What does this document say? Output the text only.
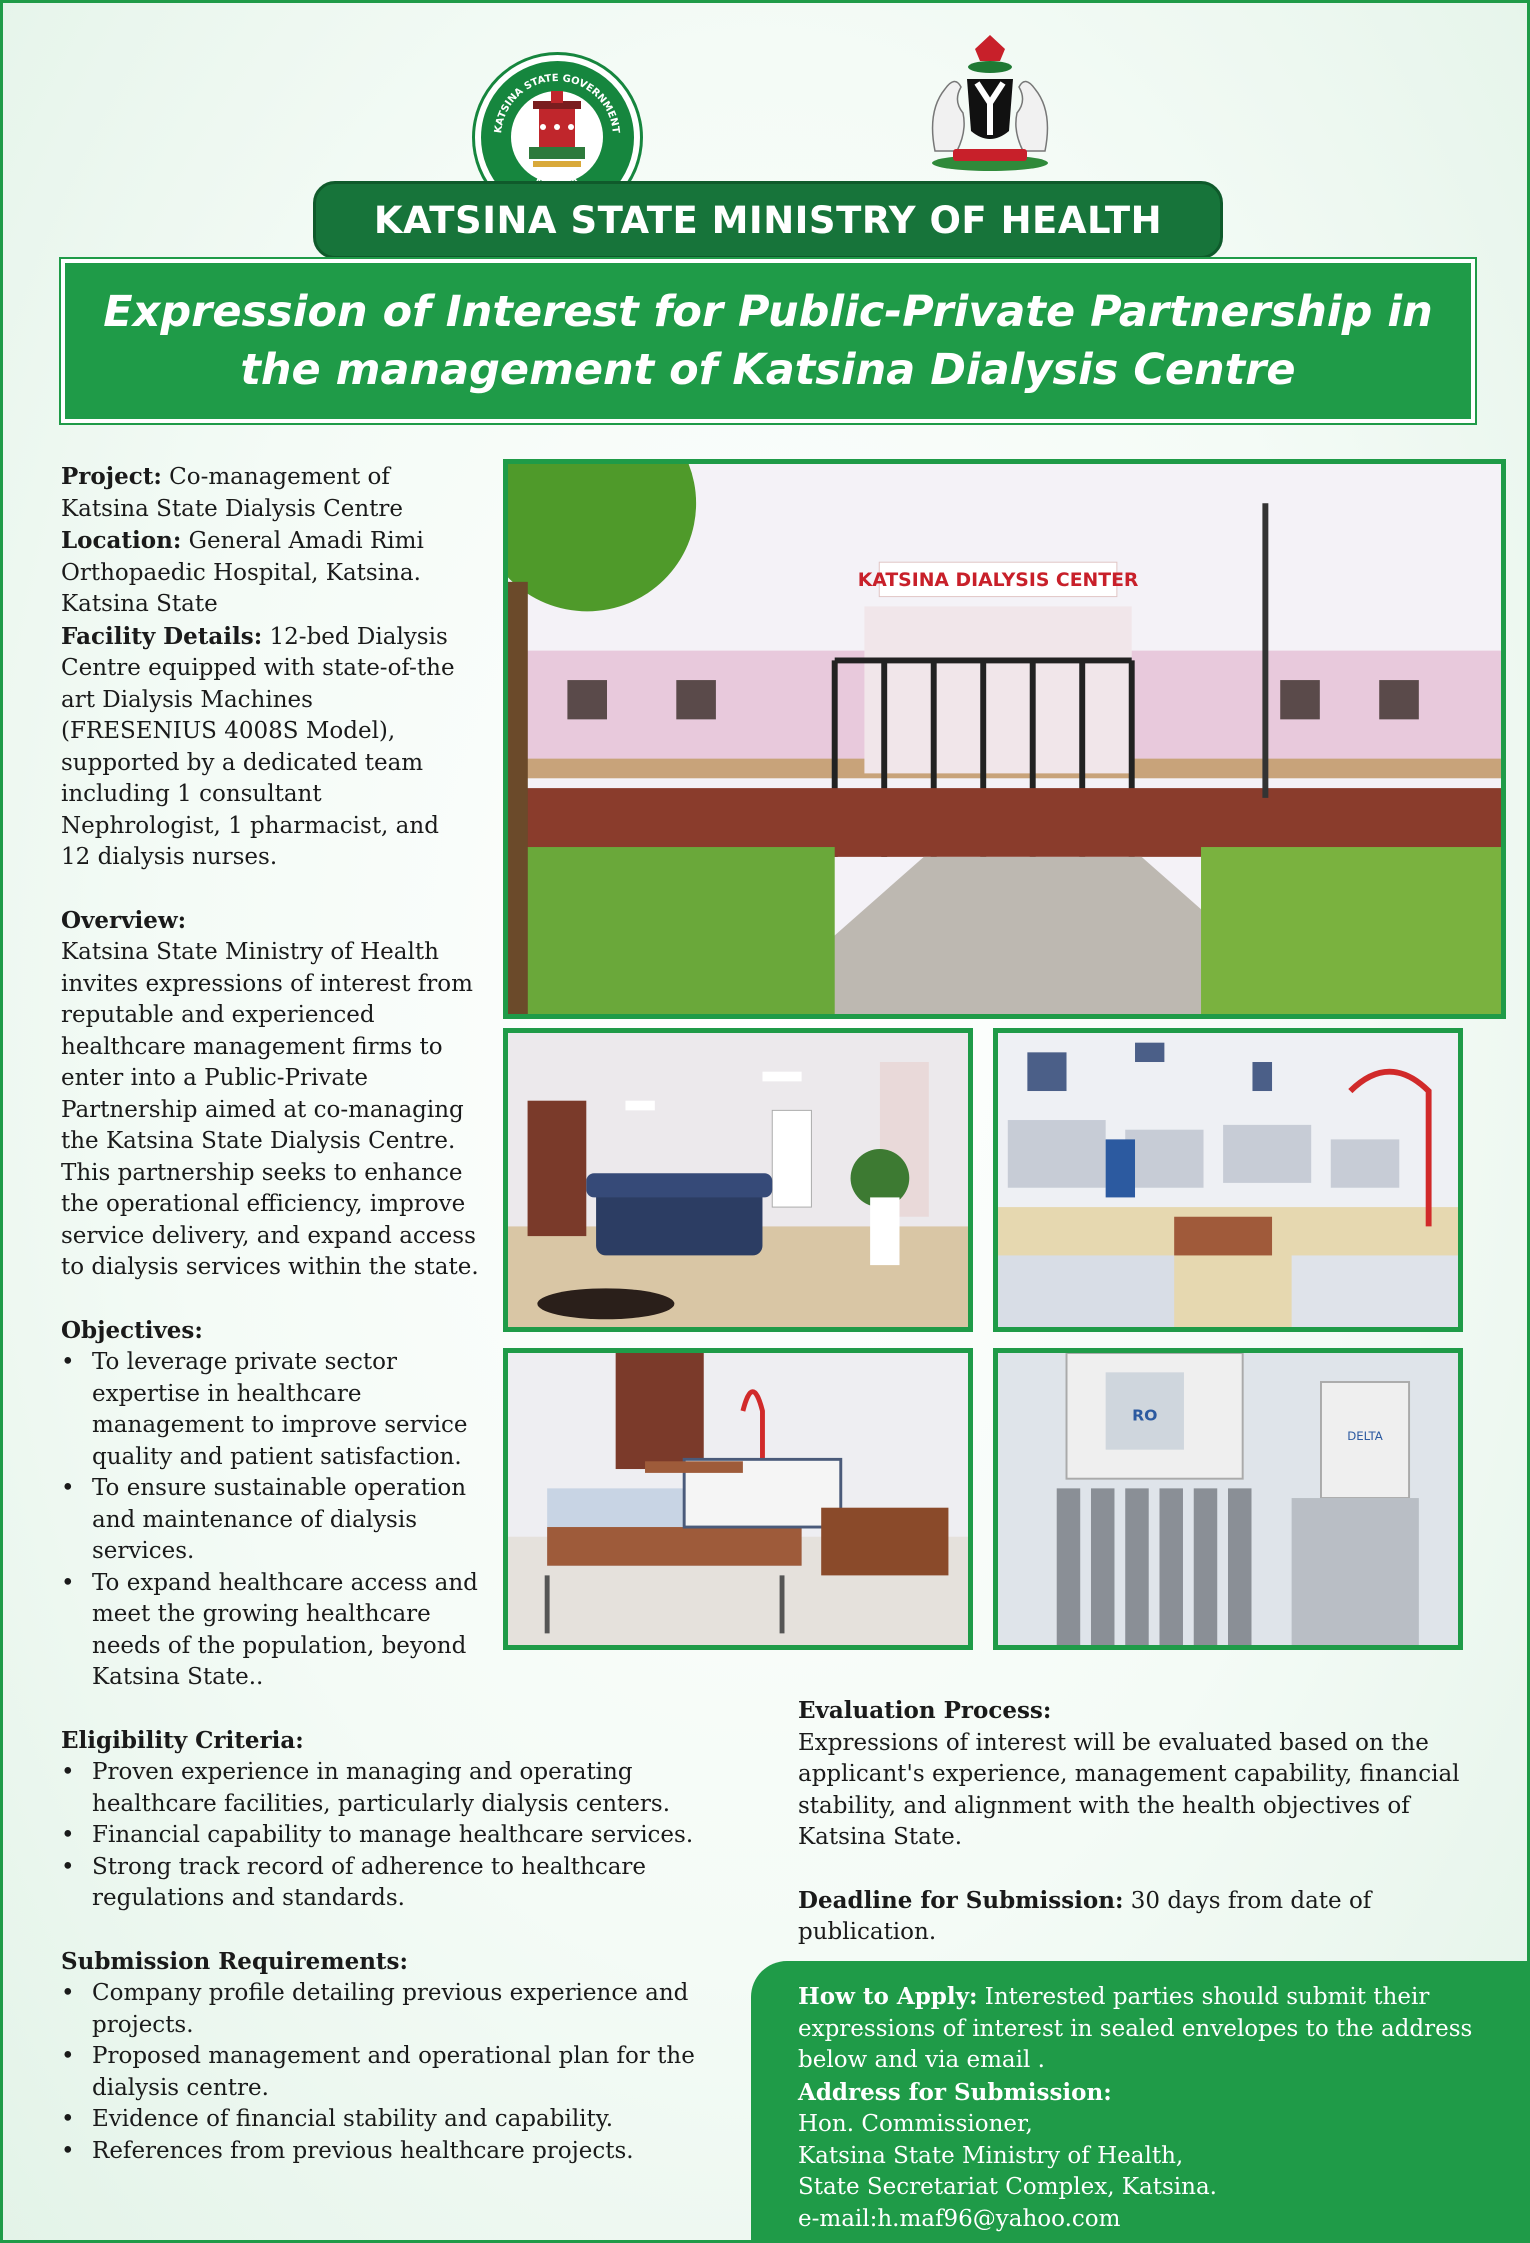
KATSINA STATE GOVERNMENT
KATSINA STATE MINISTRY OF HEALTH
Expression of Interest for Public-Private Partnership in
the management of Katsina Dialysis Centre
Project: Co-management of Katsina State Dialysis Centre
Location: General Amadi Rimi Orthopaedic Hospital, Katsina. Katsina State
Facility Details: 12-bed Dialysis Centre equipped with state-of-the art Dialysis Machines (FRESENIUS 4008S Model), supported by a dedicated team including 1 consultant Nephrologist, 1 pharmacist, and 12 dialysis nurses.
Overview:
Katsina State Ministry of Health invites expressions of interest from reputable and experienced healthcare management firms to enter into a Public-Private Partnership aimed at co-managing the Katsina State Dialysis Centre. This partnership seeks to enhance the operational efficiency, improve service delivery, and expand access to dialysis services within the state.
Objectives:
• To leverage private sector expertise in healthcare management to improve service quality and patient satisfaction.
• To ensure sustainable operation and maintenance of dialysis services.
• To expand healthcare access and meet the growing healthcare needs of the population, beyond Katsina State..
Eligibility Criteria:
• Proven experience in managing and operating healthcare facilities, particularly dialysis centers.
• Financial capability to manage healthcare services.
• Strong track record of adherence to healthcare regulations and standards.
Submission Requirements:
• Company profile detailing previous experience and projects.
• Proposed management and operational plan for the dialysis centre.
• Evidence of financial stability and capability.
• References from previous healthcare projects.
KATSINA DIALYSIS CENTER
RO
DELTA
Evaluation Process:
Expressions of interest will be evaluated based on the applicant's experience, management capability, financial stability, and alignment with the health objectives of Katsina State.
Deadline for Submission: 30 days from date of publication.
How to Apply: Interested parties should submit their expressions of interest in sealed envelopes to the address below and via email .
Address for Submission:
Hon. Commissioner,
Katsina State Ministry of Health,
State Secretariat Complex, Katsina.
e-mail:h.maf96@yahoo.com
